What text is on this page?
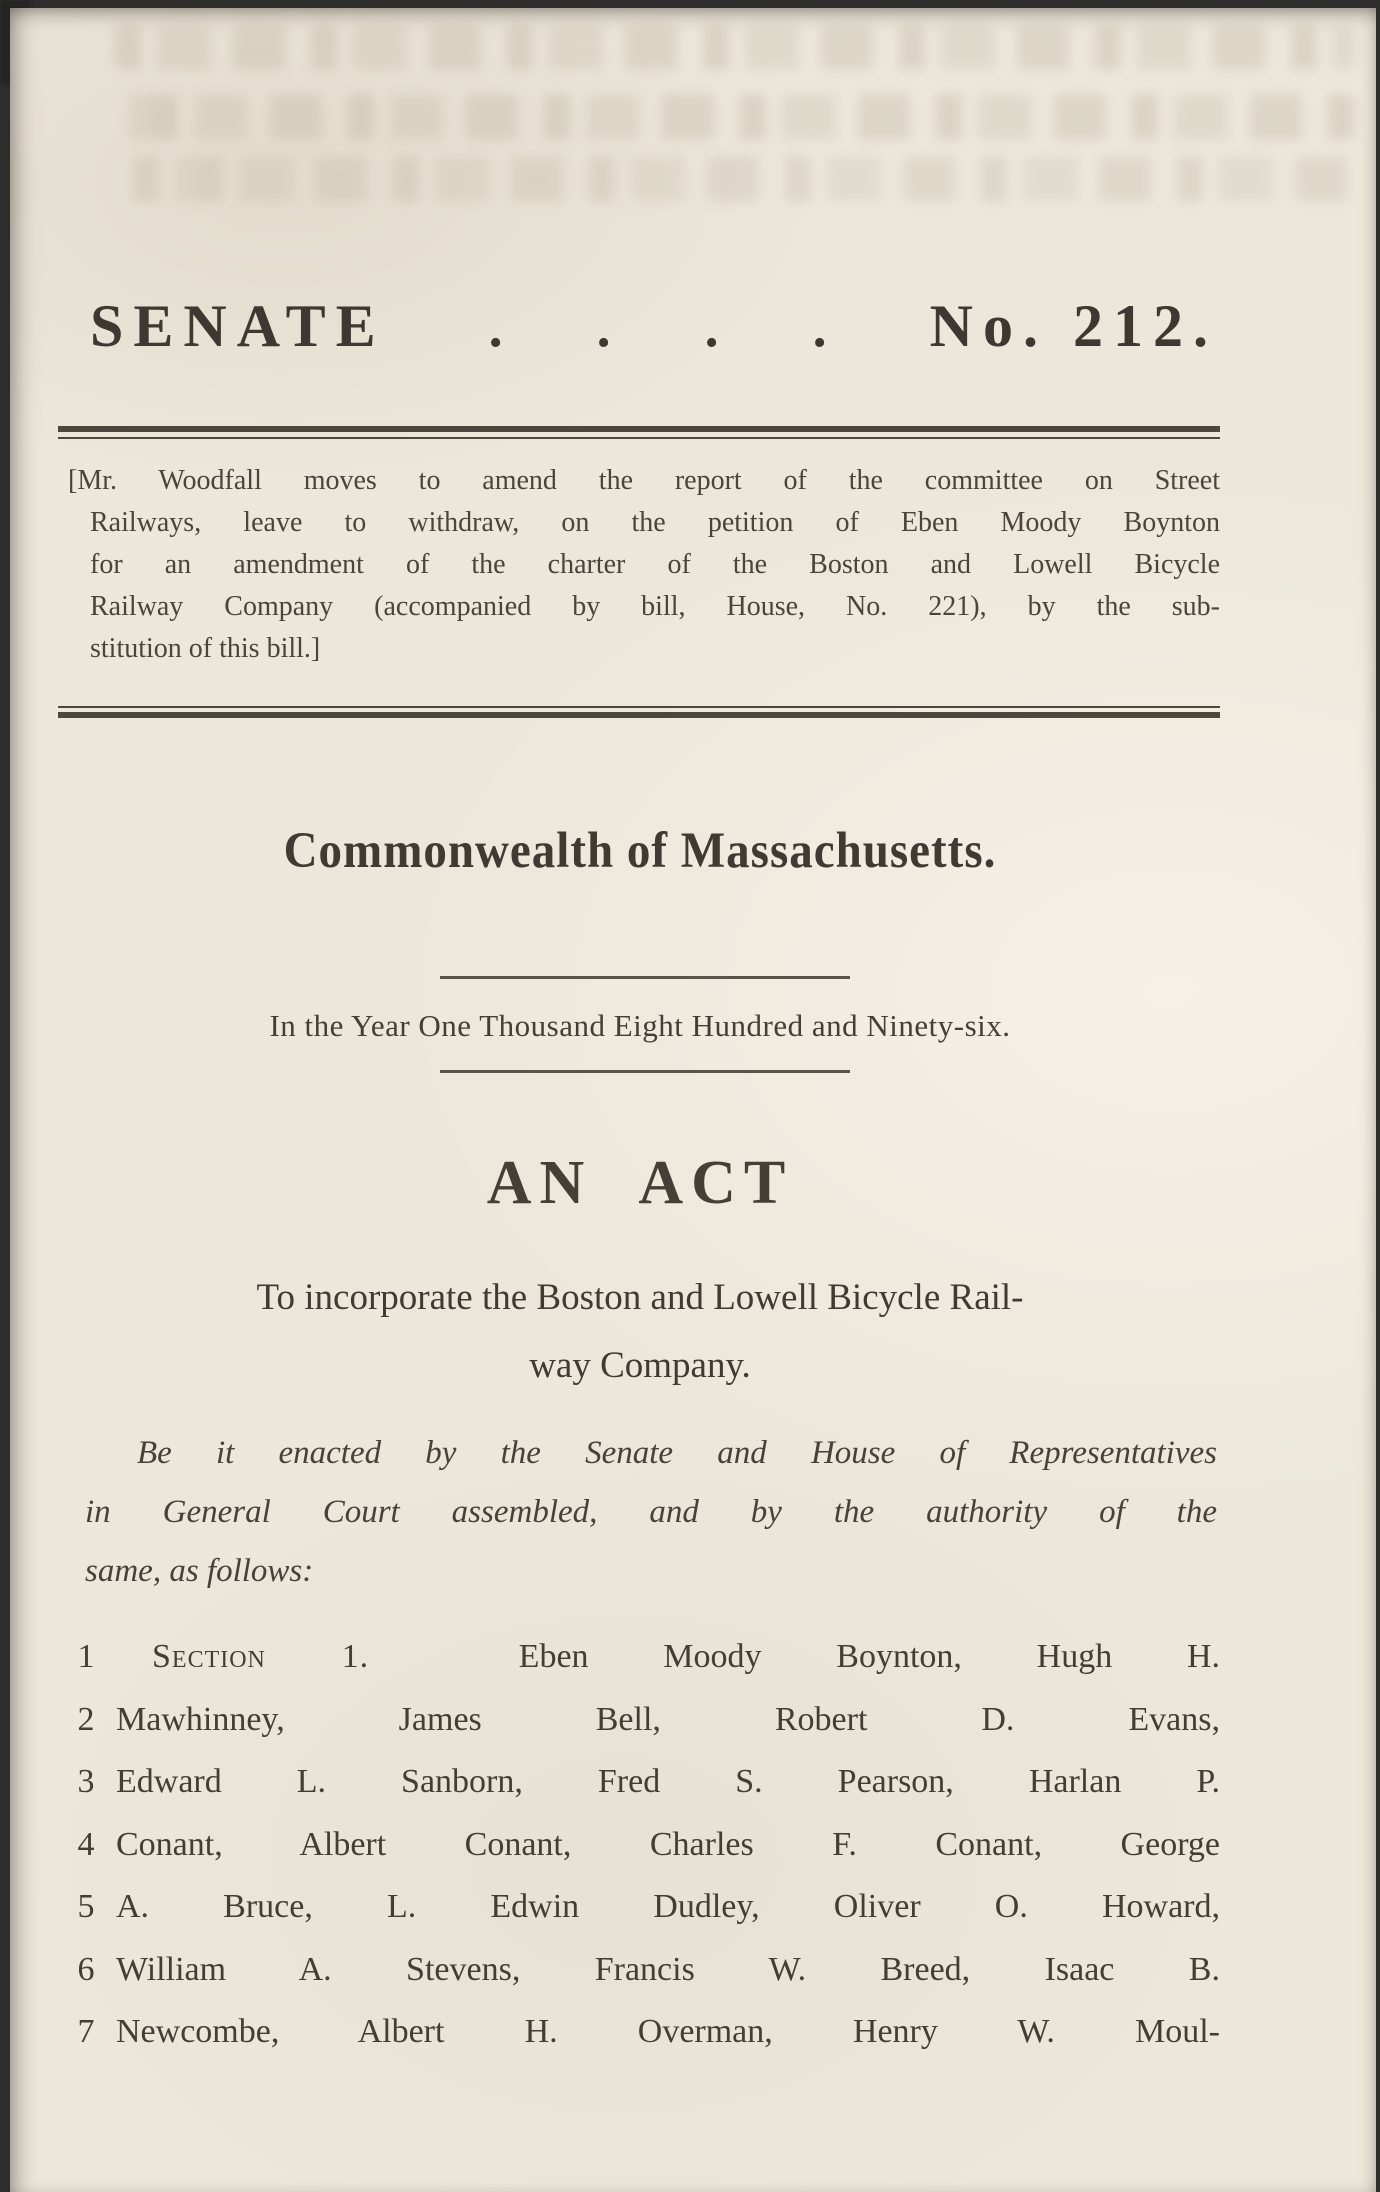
SENATE	. . . .	No. 212.
[Mr. Woodfall moves to amend the report of the committee on Street
Railways, leave to withdraw, on the petition of Eben Moody Boynton
for an amendment of the charter of the Boston and Lowell Bicycle
Railway Company (accompanied by bill, House, No. 221), by the sub-
stitution of this bill.]
Commonwealth of Massachusetts.
In the Year One Thousand Eight Hundred and Ninety-six.
AN ACT
To incorporate the Boston and Lowell Bicycle Rail-
way Company.
Be it enacted by the Senate and House of Representatives
in General Court assembled, and by the authority of the
same, as follows:
1	Section 1.	Eben Moody Boynton, Hugh H.
2 Mawhinney, James Bell, Robert D. Evans,
3 Edward L. Sanborn, Fred S. Pearson, Harlan P.
4 Conant, Albert Conant, Charles F. Conant, George
5 A. Bruce, L. Edwin Dudley, Oliver O. Howard,
6 William A. Stevens, Francis W. Breed, Isaac B.
7 Newcombe, Albert H. Overman, Henry W. Moul-
